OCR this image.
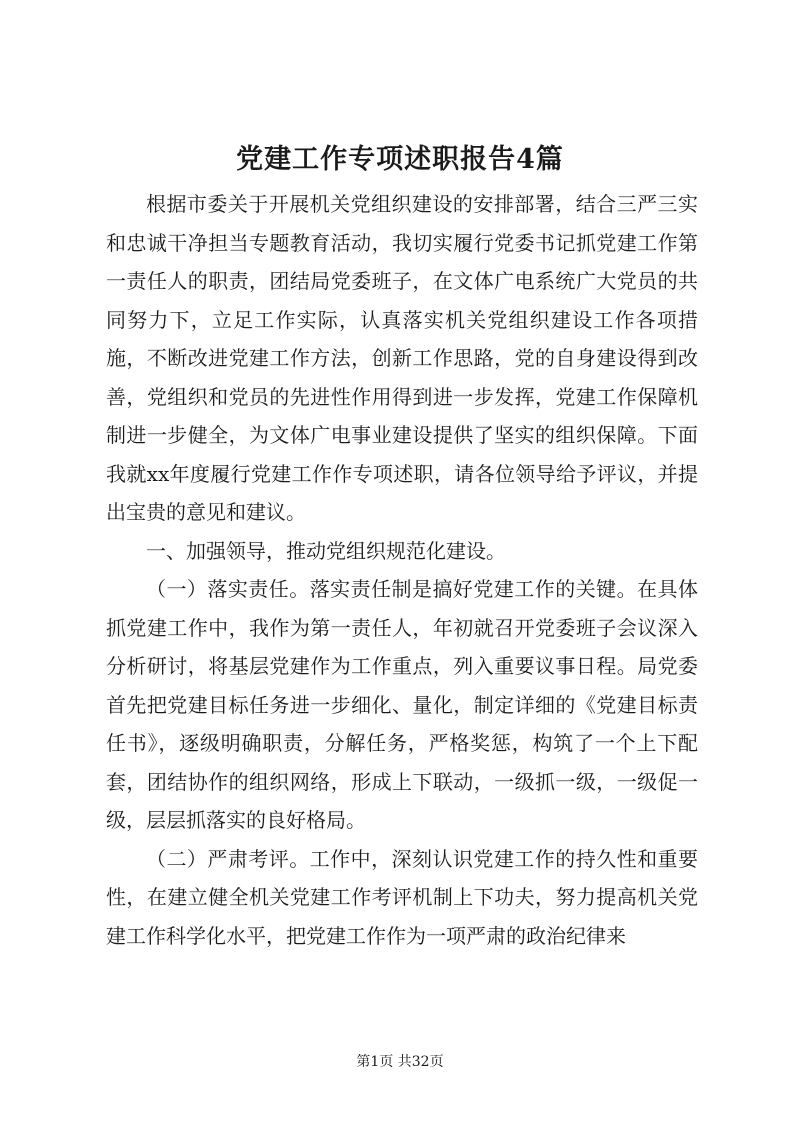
党建工作专项述职报告4篇

根据市委关于开展机关党组织建设的安排部署，结合三严三实和忠诚干净担当专题教育活动，我切实履行党委书记抓党建工作第一责任人的职责，团结局党委班子，在文体广电系统广大党员的共同努力下，立足工作实际，认真落实机关党组织建设工作各项措施，不断改进党建工作方法，创新工作思路，党的自身建设得到改善，党组织和党员的先进性作用得到进一步发挥，党建工作保障机制进一步健全，为文体广电事业建设提供了坚实的组织保障。下面我就xx年度履行党建工作作专项述职，请各位领导给予评议，并提出宝贵的意见和建议。

一、加强领导，推动党组织规范化建设。

（一）落实责任。落实责任制是搞好党建工作的关键。在具体抓党建工作中，我作为第一责任人，年初就召开党委班子会议深入分析研讨，将基层党建作为工作重点，列入重要议事日程。局党委首先把党建目标任务进一步细化、量化，制定详细的《党建目标责任书》，逐级明确职责，分解任务，严格奖惩，构筑了一个上下配套，团结协作的组织网络，形成上下联动，一级抓一级，一级促一级，层层抓落实的良好格局。

（二）严肃考评。工作中，深刻认识党建工作的持久性和重要性，在建立健全机关党建工作考评机制上下功夫，努力提高机关党建工作科学化水平，把党建工作作为一项严肃的政治纪律来

第1页 共32页
